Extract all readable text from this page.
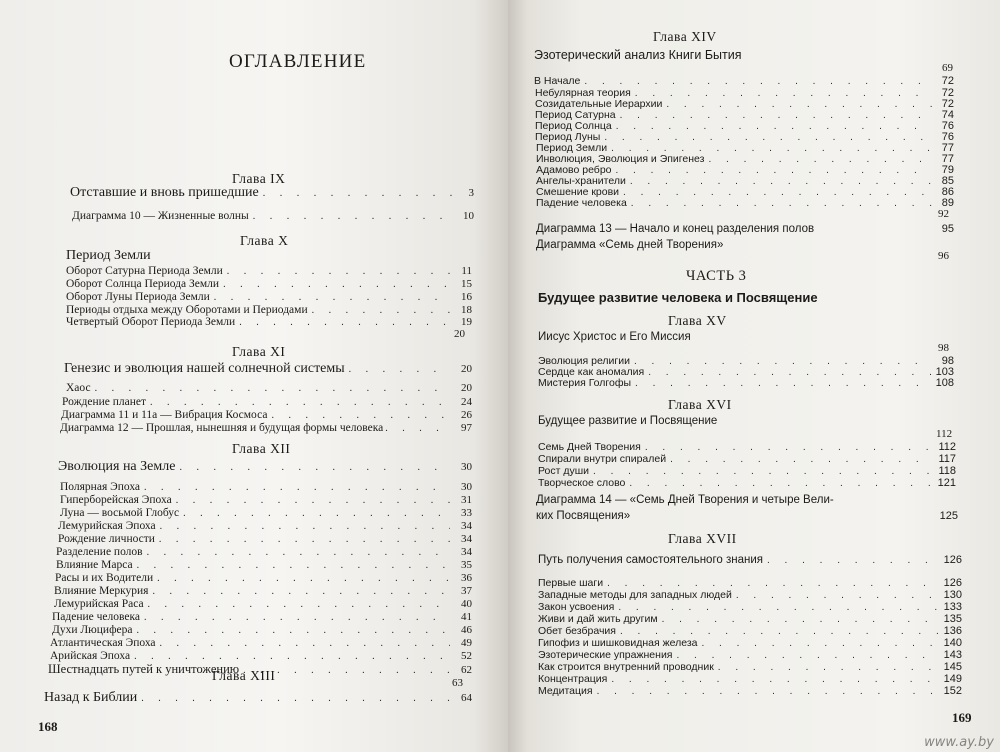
ОГЛАВЛЕНИЕ
Глава IX
Отставшие и вновь пришедшие . . .	3
Диаграмма 10 — Жизненные волны . . .	10
Глава X
Период Земли
Оборот Сатурна Периода Земли . . .	11
Оборот Солнца Периода Земли . . .	15
Оборот Луны Периода Земли . . .	16
Периоды отдыха между Оборотами и Периодами . . .	18
Четвертый Оборот Периода Земли . . .	19
20
Глава XI
Генезис и эволюция нашей солнечной системы . . .	20
Хаос . . .	20
Рождение планет . . .	24
Диаграмма 11 и 11а — Вибрация Космоса . . .	26
Диаграмма 12 — Прошлая, нынешняя и будущая формы человека . . .	97
Глава XII
Эволюция на Земле . . .	30
Полярная Эпоха . . .	30
Гиперборейская Эпоха . . .	31
Луна — восьмой Глобус . . .	33
Лемурийская Эпоха . . .	34
Рождение личности . . .	34
Разделение полов . . .	34
Влияние Марса . . .	35
Расы и их Водители . . .	36
Влияние Меркурия . . .	37
Лемурийская Раса . . .	40
Падение человека . . .	41
Духи Люцифера . . .	46
Атлантическая Эпоха . . .	49
Арийская Эпоха . . .	52
Шестнадцать путей к уничтожению . . .	62
63
Глава XIII
Назад к Библии . . .	64
168
Глава XIV
Эзотерический анализ Книги Бытия
69
В Начале . . .	72
Небулярная теория . . .	72
Созидательные Иерархии . . .	72
Период Сатурна . . .	74
Период Солнца . . .	76
Период Луны . . .	76
Период Земли . . .	77
Инволюция, Эволюция и Эпигенез . . .	77
Адамово ребро . . .	79
Ангелы-хранители . . .	85
Смешение крови . . .	86
Падение человека . . .	89
92
Диаграмма 13 — Начало и конец разделения полов	95
Диаграмма «Семь дней Творения»
96
ЧАСТЬ 3
Будущее развитие человека и Посвящение
Глава XV
Иисус Христос и Его Миссия
98
Эволюция религии . . .	98
Сердце как аномалия . . .	103
Мистерия Голгофы . . .	108
Глава XVI
Будущее развитие и Посвящение
112
Семь Дней Творения . . .	112
Спирали внутри спиралей . . .	117
Рост души . . .	118
Творческое слово . . .	121
Диаграмма 14 — «Семь Дней Творения и четыре Вели-
ких Посвящения»	125
Глава XVII
Путь получения самостоятельного знания . . .	126
Первые шаги . . .	126
Западные методы для западных людей . . .	130
Закон усвоения . . .	133
Живи и дай жить другим . . .	135
Обет безбрачия . . .	136
Гипофиз и шишковидная железа . . .	140
Эзотерические упражнения . . .	143
Как строится внутренний проводник . . .	145
Концентрация . . .	149
Медитация . . .	152
169
www.ay.by
